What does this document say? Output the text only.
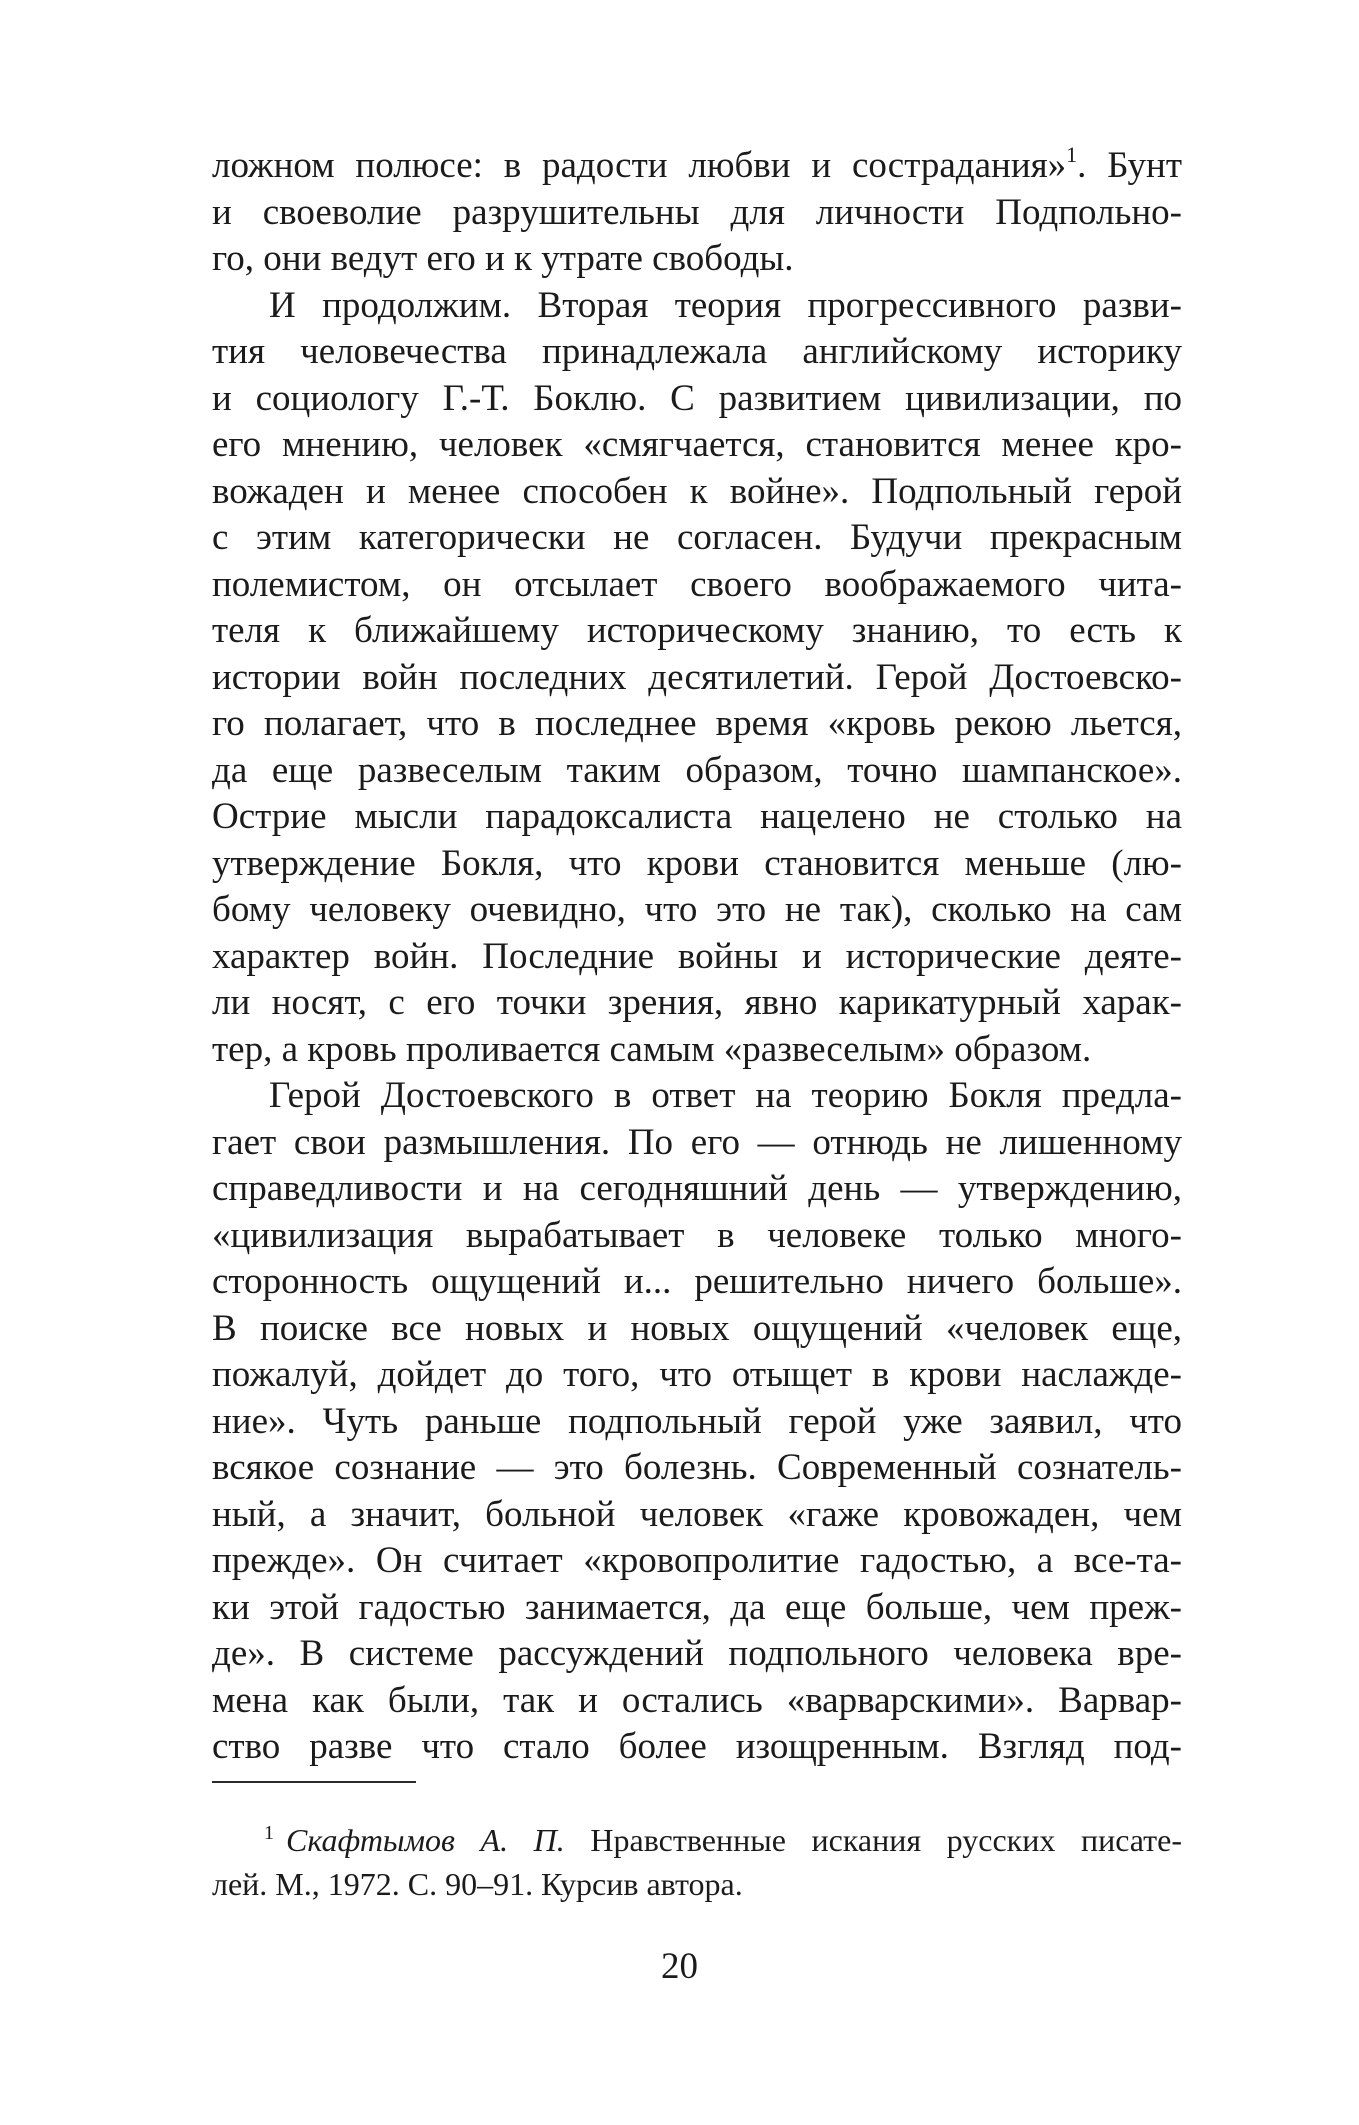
ложном полюсе: в радости любви и сострадания»$^1$. Бунт
и своеволие разрушительны для личности Подпольно-
го, они ведут его и к утрате свободы.
И продолжим. Вторая теория прогрессивного разви-
тия человечества принадлежала английскому историку
и социологу Г.-Т. Боклю. С развитием цивилизации, по
его мнению, человек «смягчается, становится менее кро-
вожаден и менее способен к войне». Подпольный герой
с этим категорически не согласен. Будучи прекрасным
полемистом, он отсылает своего воображаемого чита-
теля к ближайшему историческому знанию, то есть к
истории войн последних десятилетий. Герой Достоевско-
го полагает, что в последнее время «кровь рекою льется,
да еще развеселым таким образом, точно шампанское».
Острие мысли парадоксалиста нацелено не столько на
утверждение Бокля, что крови становится меньше (лю-
бому человеку очевидно, что это не так), сколько на сам
характер войн. Последние войны и исторические деяте-
ли носят, с его точки зрения, явно карикатурный харак-
тер, а кровь проливается самым «развеселым» образом.
Герой Достоевского в ответ на теорию Бокля предла-
гает свои размышления. По его — отнюдь не лишенному
справедливости и на сегодняшний день — утверждению,
«цивилизация вырабатывает в человеке только много-
сторонность ощущений и... решительно ничего больше».
В поиске все новых и новых ощущений «человек еще,
пожалуй, дойдет до того, что отыщет в крови наслажде-
ние». Чуть раньше подпольный герой уже заявил, что
всякое сознание — это болезнь. Современный сознатель-
ный, а значит, больной человек «гаже кровожаден, чем
прежде». Он считает «кровопролитие гадостью, а все-та-
ки этой гадостью занимается, да еще больше, чем преж-
де». В системе рассуждений подпольного человека вре-
мена как были, так и остались «варварскими». Варвар-
ство разве что стало более изощренным. Взгляд под-
$^1$ Скафтымов А. П. Нравственные искания русских писате-
лей. М., 1972. С. 90–91. Курсив автора.
20
